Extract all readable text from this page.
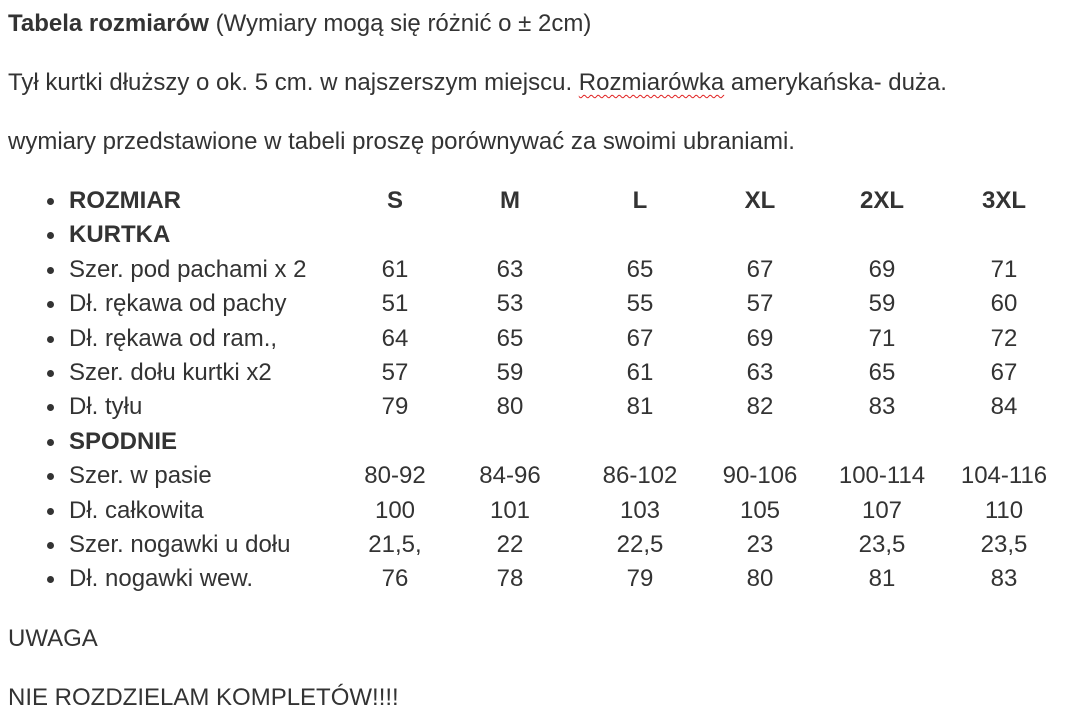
Tabela rozmiarów (Wymiary mogą się różnić o ± 2cm)
Tył kurtki dłuższy o ok. 5 cm. w najszerszym miejscu. Rozmiarówka amerykańska- duża.
wymiary przedstawione w tabeli proszę porównywać za swoimi ubraniami.
ROZMIAR	S	M	L	XL	2XL	3XL
KURTKA
Szer. pod pachami x 2	61	63	65	67	69	71
Dł. rękawa od pachy	51	53	55	57	59	60
Dł. rękawa od ram.,	64	65	67	69	71	72
Szer. dołu kurtki x2	57	59	61	63	65	67
Dł. tyłu	79	80	81	82	83	84
SPODNIE
Szer. w pasie	80-92	84-96	86-102	90-106	100-114	104-116
Dł. całkowita	100	101	103	105	107	110
Szer. nogawki u dołu	21,5,	22	22,5	23	23,5	23,5
Dł. nogawki wew.	76	78	79	80	81	83
UWAGA
NIE ROZDZIELAM KOMPLETÓW!!!!
